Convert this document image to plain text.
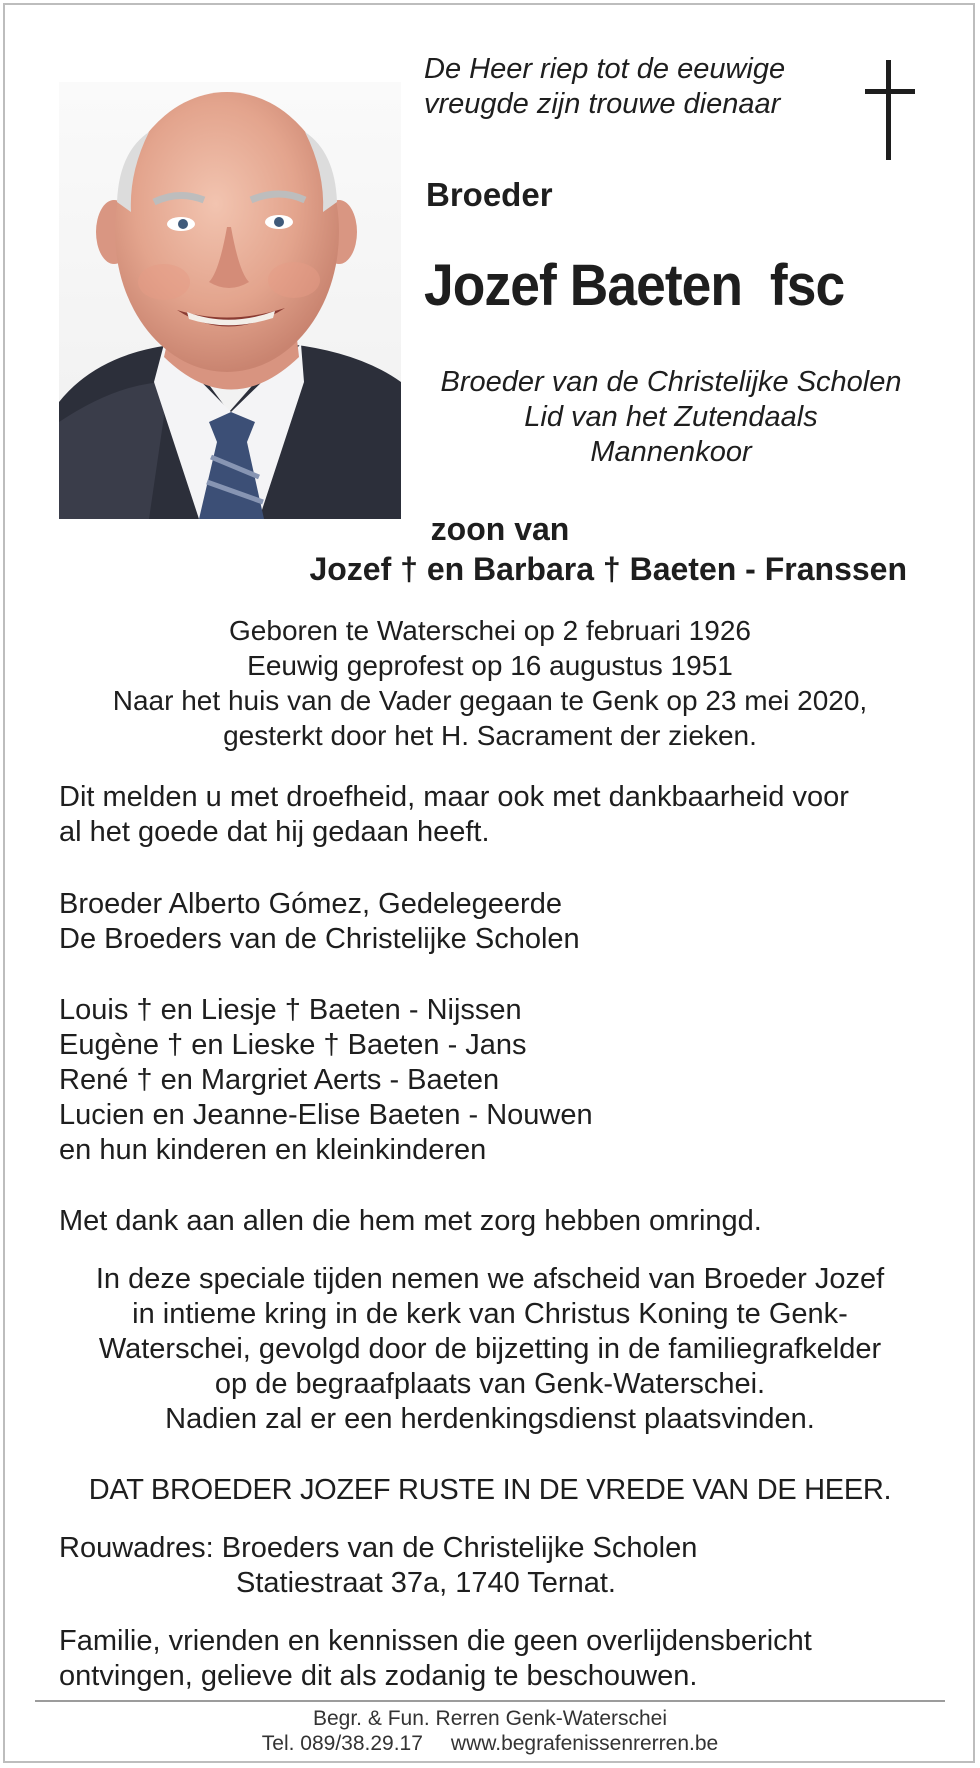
De Heer riep tot de eeuwige
vreugde zijn trouwe dienaar
Broeder
Jozef Baeten  fsc
Broeder van de Christelijke Scholen
Lid van het Zutendaals
Mannenkoor
zoon van
Jozef † en Barbara † Baeten - Franssen
Geboren te Waterschei op 2 februari 1926
Eeuwig geprofest op 16 augustus 1951
Naar het huis van de Vader gegaan te Genk op 23 mei 2020,
gesterkt door het H. Sacrament der zieken.
Dit melden u met droefheid, maar ook met dankbaarheid voor
al het goede dat hij gedaan heeft.
Broeder Alberto Gómez, Gedelegeerde
De Broeders van de Christelijke Scholen
Louis † en Liesje † Baeten - Nijssen
Eugène † en Lieske † Baeten - Jans
René † en Margriet Aerts - Baeten
Lucien en Jeanne-Elise Baeten - Nouwen
en hun kinderen en kleinkinderen
Met dank aan allen die hem met zorg hebben omringd.
In deze speciale tijden nemen we afscheid van Broeder Jozef
in intieme kring in de kerk van Christus Koning te Genk-
Waterschei, gevolgd door de bijzetting in de familiegrafkelder
op de begraafplaats van Genk-Waterschei.
Nadien zal er een herdenkingsdienst plaatsvinden.
DAT BROEDER JOZEF RUSTE IN DE VREDE VAN DE HEER.
Rouwadres: Broeders van de Christelijke Scholen
Statiestraat 37a, 1740 Ternat.
Familie, vrienden en kennissen die geen overlijdensbericht
ontvingen, gelieve dit als zodanig te beschouwen.
Begr. & Fun. Rerren Genk-Waterschei
Tel. 089/38.29.17 www.begrafenissenrerren.be
